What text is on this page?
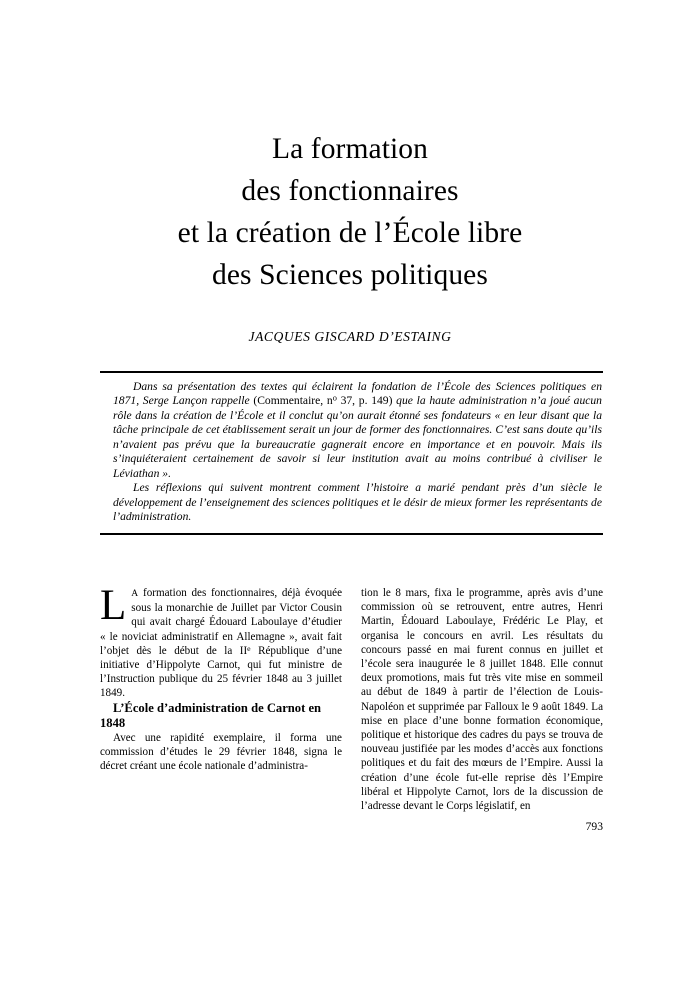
La formation
des fonctionnaires
et la création de l’École libre
des Sciences politiques
JACQUES GISCARD D’ESTAING

Dans sa présentation des textes qui éclairent la fondation de l’École des Sciences politiques en 1871, Serge Lançon rappelle (Commentaire, $n^o$ 37, p. 149) que la haute administration n’a joué aucun rôle dans la création de l’École et il conclut qu’on aurait étonné ses fondateurs « en leur disant que la tâche principale de cet établissement serait un jour de former des fonctionnaires. C’est sans doute qu’ils n’avaient pas prévu que la bureaucratie gagnerait encore en importance et en pouvoir. Mais ils s’inquiéteraient certainement de savoir si leur institution avait au moins contribué à civiliser le Léviathan ».

Les réflexions qui suivent montrent comment l’histoire a marié pendant près d’un siècle le développement de l’enseignement des sciences politiques et le désir de mieux former les représentants de l’administration.

L A formation des fonctionnaires, déjà évoquée sous la monarchie de Juillet par Victor Cousin qui avait chargé Édouard Laboulaye d’étudier « le noviciat administratif en Allemagne », avait fait l’objet dès le début de la IIe République d’une initiative d’Hippolyte Carnot, qui fut ministre de l’Instruction publique du 25 février 1848 au 3 juillet 1849.

L’École d’administration de Carnot en 1848

Avec une rapidité exemplaire, il forma une commission d’études le 29 février 1848, signa le décret créant une école nationale d’administra-

tion le 8 mars, fixa le programme, après avis d’une commission où se retrouvent, entre autres, Henri Martin, Édouard Laboulaye, Frédéric Le Play, et organisa le concours en avril. Les résultats du concours passé en mai furent connus en juillet et l’école sera inaugurée le 8 juillet 1848. Elle connut deux promotions, mais fut très vite mise en sommeil au début de 1849 à partir de l’élection de Louis-Napoléon et supprimée par Falloux le 9 août 1849. La mise en place d’une bonne formation économique, politique et historique des cadres du pays se trouva de nouveau justifiée par les modes d’accès aux fonctions politiques et du fait des mœurs de l’Empire. Aussi la création d’une école fut-elle reprise dès l’Empire libéral et Hippolyte Carnot, lors de la discussion de l’adresse devant le Corps législatif, en

793
